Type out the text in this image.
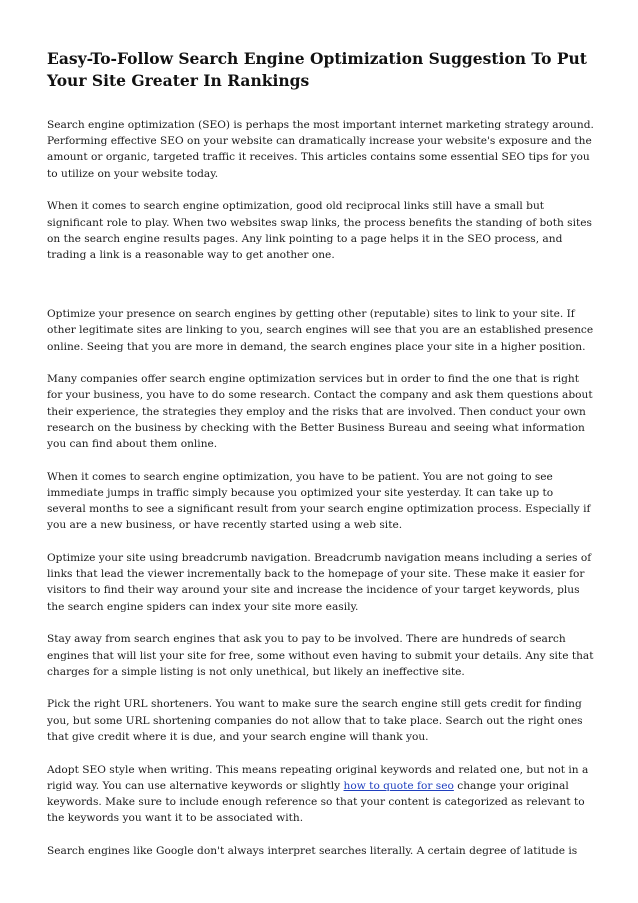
Easy-To-Follow Search Engine Optimization Suggestion To Put Your Site Greater In Rankings

Search engine optimization (SEO) is perhaps the most important internet marketing strategy around. Performing effective SEO on your website can dramatically increase your website's exposure and the amount or organic, targeted traffic it receives. This articles contains some essential SEO tips for you to utilize on your website today.

When it comes to search engine optimization, good old reciprocal links still have a small but significant role to play. When two websites swap links, the process benefits the standing of both sites on the search engine results pages. Any link pointing to a page helps it in the SEO process, and trading a link is a reasonable way to get another one.

Optimize your presence on search engines by getting other (reputable) sites to link to your site. If other legitimate sites are linking to you, search engines will see that you are an established presence online. Seeing that you are more in demand, the search engines place your site in a higher position.

Many companies offer search engine optimization services but in order to find the one that is right for your business, you have to do some research. Contact the company and ask them questions about their experience, the strategies they employ and the risks that are involved. Then conduct your own research on the business by checking with the Better Business Bureau and seeing what information you can find about them online.

When it comes to search engine optimization, you have to be patient. You are not going to see immediate jumps in traffic simply because you optimized your site yesterday. It can take up to several months to see a significant result from your search engine optimization process. Especially if you are a new business, or have recently started using a web site.

Optimize your site using breadcrumb navigation. Breadcrumb navigation means including a series of links that lead the viewer incrementally back to the homepage of your site. These make it easier for visitors to find their way around your site and increase the incidence of your target keywords, plus the search engine spiders can index your site more easily.

Stay away from search engines that ask you to pay to be involved. There are hundreds of search engines that will list your site for free, some without even having to submit your details. Any site that charges for a simple listing is not only unethical, but likely an ineffective site.

Pick the right URL shorteners. You want to make sure the search engine still gets credit for finding you, but some URL shortening companies do not allow that to take place. Search out the right ones that give credit where it is due, and your search engine will thank you.

Adopt SEO style when writing. This means repeating original keywords and related one, but not in a rigid way. You can use alternative keywords or slightly how to quote for seo change your original keywords. Make sure to include enough reference so that your content is categorized as relevant to the keywords you want it to be associated with.

Search engines like Google don't always interpret searches literally. A certain degree of latitude is
